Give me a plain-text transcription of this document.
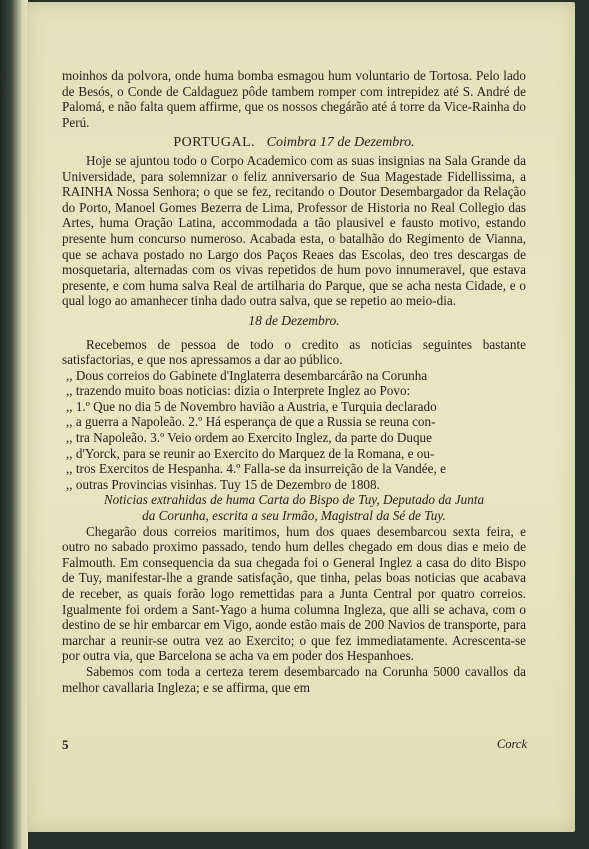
o
s

moinhos da polvora, onde huma bomba esmagou hum voluntario de Tortosa. Pelo lado de Besós, o Conde de Caldaguez pôde tambem romper com intrepidez até S. André de Palomá, e não falta quem affirme, que os nossos chegárão até á torre da Vice-Rainha do Perú.

PORTUGAL. Coimbra 17 de Dezembro.

Hoje se ajuntou todo o Corpo Academico com as suas insignias na Sala Grande da Universidade, para solemnizar o feliz anniversario de Sua Magestade Fidellissima, a RAINHA Nossa Senhora; o que se fez, recitando o Doutor Desembargador da Relação do Porto, Manoel Gomes Bezerra de Lima, Professor de Historia no Real Collegio das Artes, huma Oração Latina, accommodada a tão plausivel e fausto motivo, estando presente hum concurso numeroso. Acabada esta, o batalhão do Regimento de Vianna, que se achava postado no Largo dos Paços Reaes das Escolas, deo tres descargas de mosquetaria, alternadas com os vivas repetidos de hum povo innumeravel, que estava presente, e com huma salva Real de artilharia do Parque, que se acha nesta Cidade, e o qual logo ao amanhecer tinha dado outra salva, que se repetio ao meio-dia.

18 de Dezembro.

Recebemos de pessoa de todo o credito as noticias seguintes bastante satisfactorias, e que nos apressamos a dar ao público.

,, Dous correios do Gabinete d'Inglaterra desembarcárão na Corunha
,, trazendo muito boas noticias: dizia o Interprete Inglez ao Povo:
,, 1.º Que no dia 5 de Novembro havião a Austria, e Turquia declarado
,, a guerra a Napoleão. 2.º Há esperança de que a Russia se reuna con-
,, tra Napoleão. 3.º Veio ordem ao Exercito Inglez, da parte do Duque
,, d'Yorck, para se reunir ao Exercito do Marquez de la Romana, e ou-
,, tros Exercitos de Hespanha. 4.º Falla-se da insurreição de la Vandée, e
,, outras Provincias visinhas. Tuy 15 de Dezembro de 1808.
Noticias extrahidas de huma Carta do Bispo de Tuy, Deputado da Junta
da Corunha, escrita a seu Irmão, Magistral da Sé de Tuy.

Chegarão dous correios maritimos, hum dos quaes desembarcou sexta feira, e outro no sabado proximo passado, tendo hum delles chegado em dous dias e meio de Falmouth. Em consequencia da sua chegada foi o General Inglez a casa do dito Bispo de Tuy, manifestar-lhe a grande satisfação, que tinha, pelas boas noticias que acabava de receber, as quais forão logo remettidas para a Junta Central por quatro correios. Igualmente foi ordem a Sant-Yago a huma columna Ingleza, que alli se achava, com o destino de se hir embarcar em Vigo, aonde estão mais de 200 Navios de transporte, para marchar a reunir-se outra vez ao Exercito; o que fez immediatamente. Acrescenta-se por outra via, que Barcelona se acha va em poder dos Hespanhoes.

Sabemos com toda a certeza terem desembarcado na Corunha 5000 cavallos da melhor cavallaria Ingleza; e se affirma, que em

5	Corck
